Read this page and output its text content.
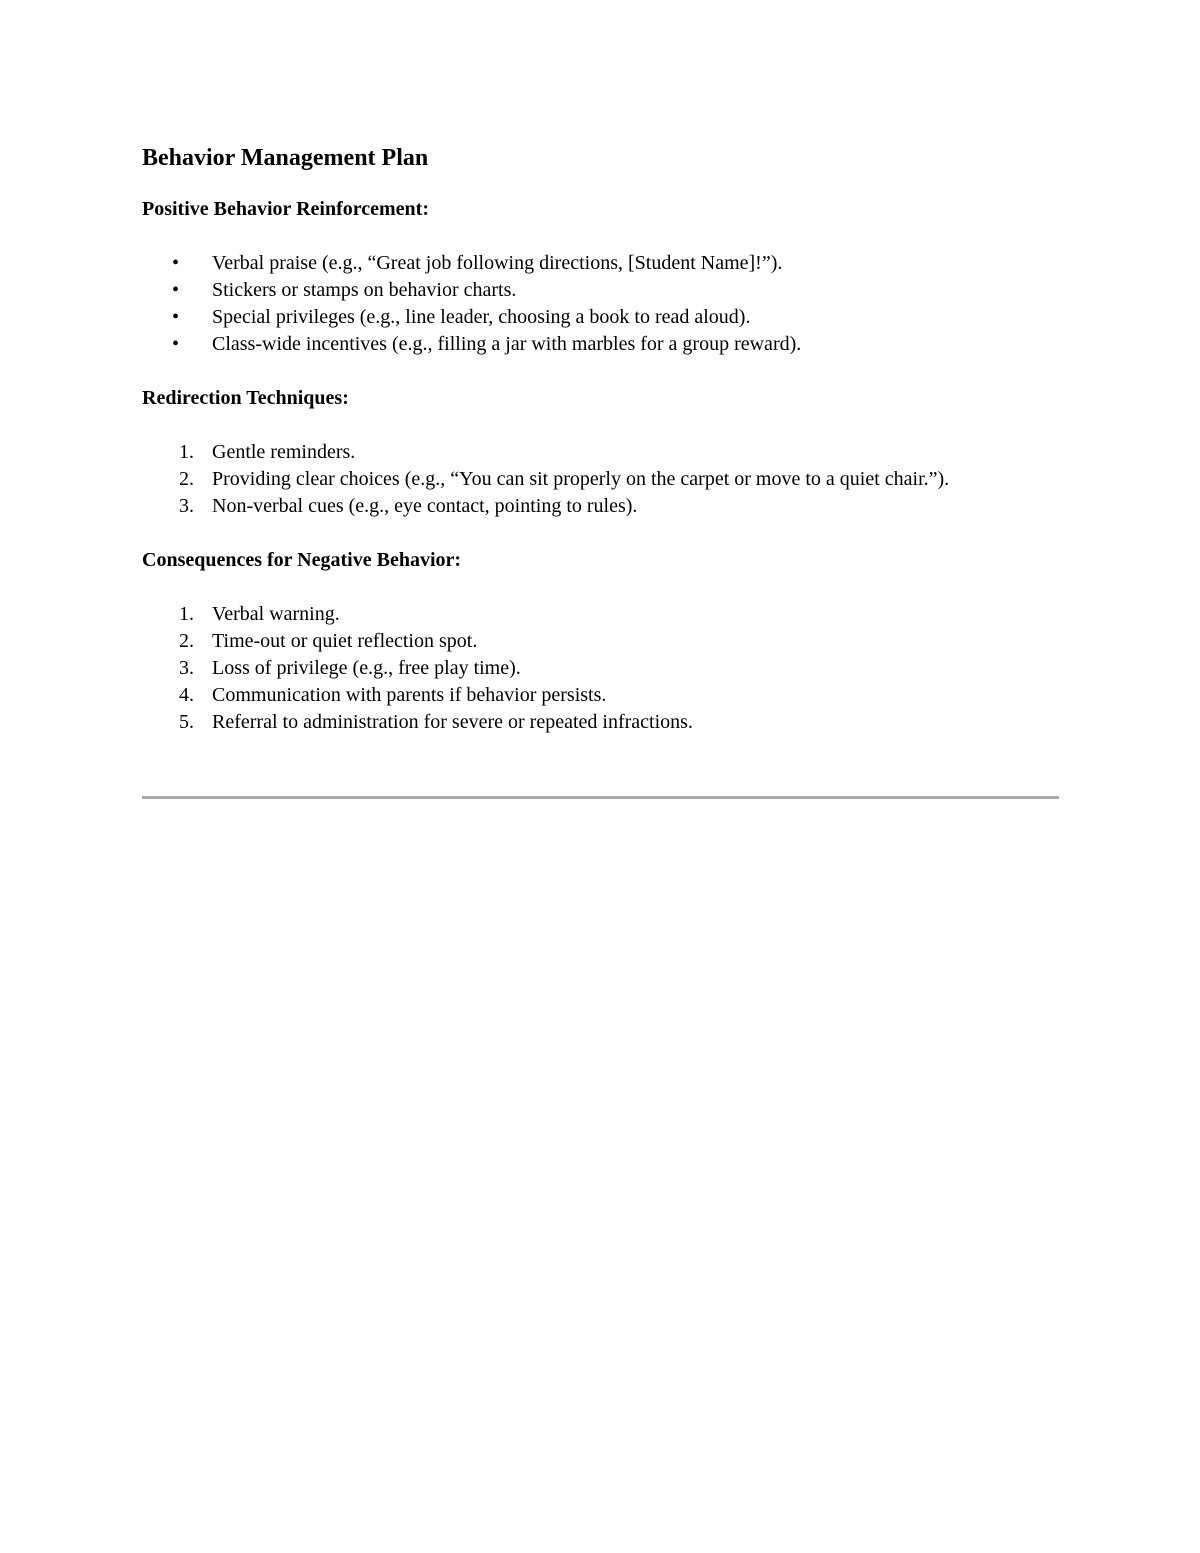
Behavior Management Plan
Positive Behavior Reinforcement:
• Verbal praise (e.g., “Great job following directions, [Student Name]!”).
• Stickers or stamps on behavior charts.
• Special privileges (e.g., line leader, choosing a book to read aloud).
• Class-wide incentives (e.g., filling a jar with marbles for a group reward).
Redirection Techniques:
1. Gentle reminders.
2. Providing clear choices (e.g., “You can sit properly on the carpet or move to a quiet chair.”).
3. Non-verbal cues (e.g., eye contact, pointing to rules).
Consequences for Negative Behavior:
1. Verbal warning.
2. Time-out or quiet reflection spot.
3. Loss of privilege (e.g., free play time).
4. Communication with parents if behavior persists.
5. Referral to administration for severe or repeated infractions.
